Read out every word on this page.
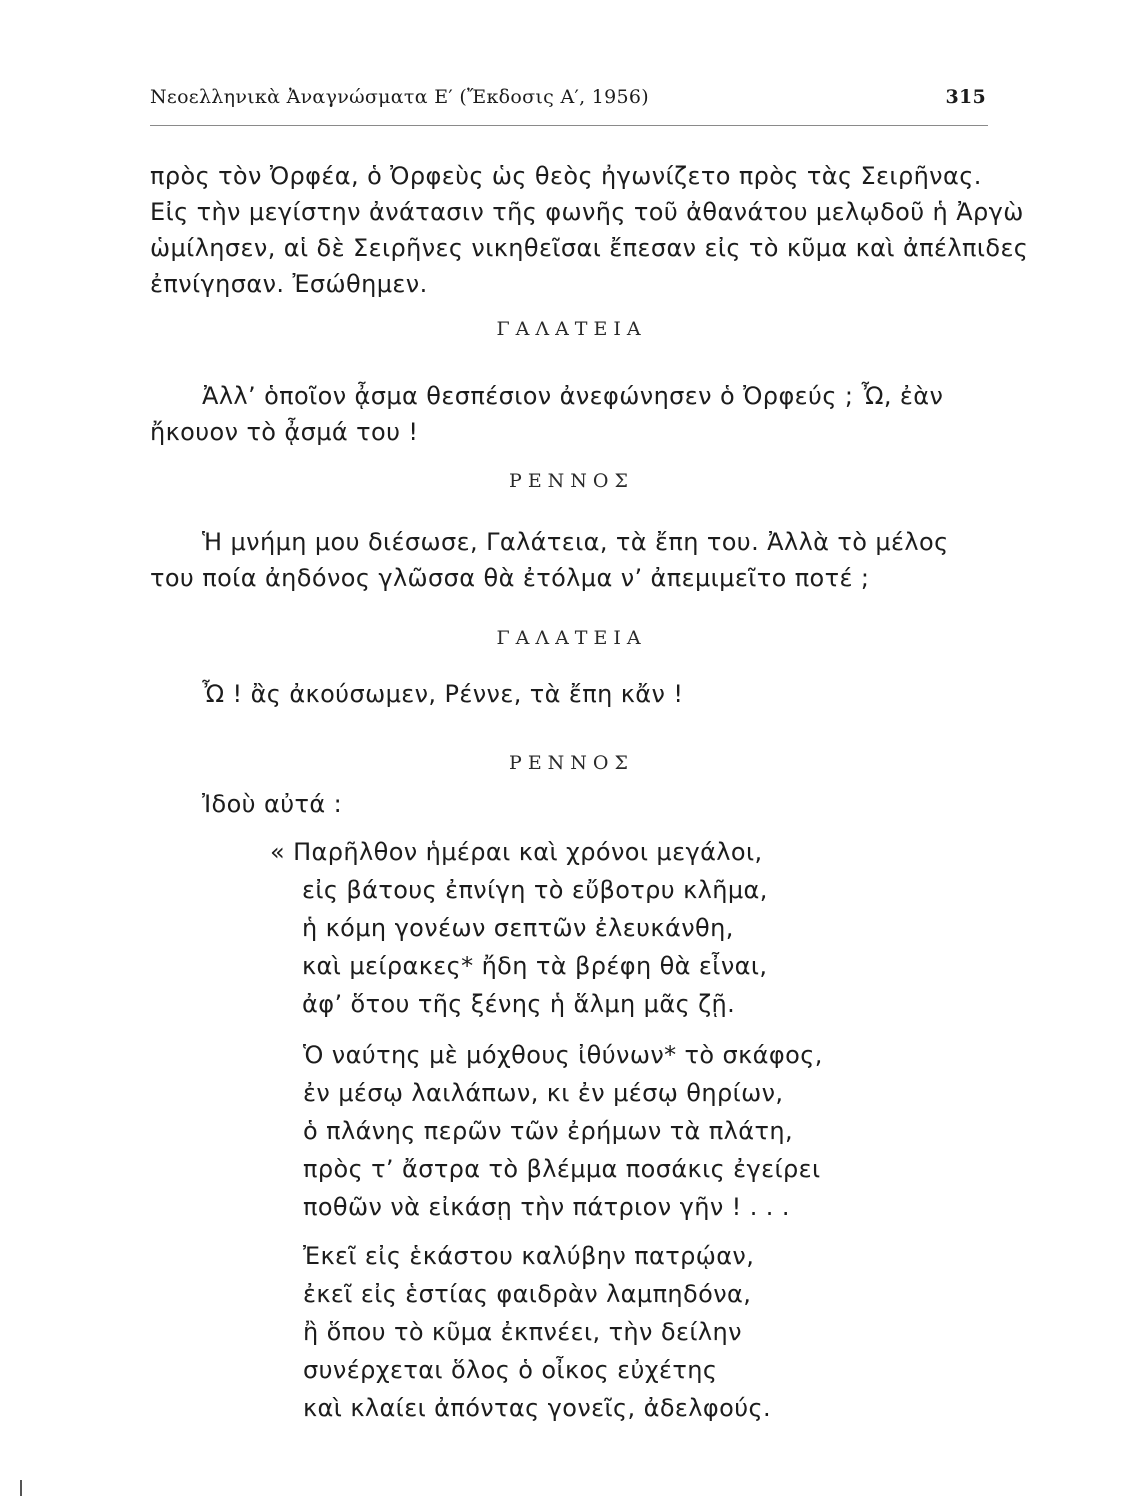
Νεοελληνικὰ Ἀναγνώσματα Ε′ (Ἔκδοσις Α′, 1956)	315
πρὸς τὸν Ὀρφέα, ὁ Ὀρφεὺς ὡς θεὸς ἠγωνίζετο πρὸς τὰς Σειρῆνας.
Εἰς τὴν μεγίστην ἀνάτασιν τῆς φωνῆς τοῦ ἀθανάτου μελῳδοῦ ἡ Ἀργὼ
ὡμίλησεν, αἱ δὲ Σειρῆνες νικηθεῖσαι ἔπεσαν εἰς τὸ κῦμα καὶ ἀπέλπιδες
ἐπνίγησαν. Ἐσώθημεν.
ΓΑΛΑΤΕΙΑ
Ἀλλ’ ὁποῖον ᾆσμα θεσπέσιον ἀνεφώνησεν ὁ Ὀρφεύς ; Ὦ, ἐὰν
ἤκουον τὸ ᾆσμά του !
ΡΕΝΝΟΣ
Ἡ μνήμη μου διέσωσε, Γαλάτεια, τὰ ἔπη του. Ἀλλὰ τὸ μέλος
του ποία ἀηδόνος γλῶσσα θὰ ἐτόλμα ν’ ἀπεμιμεῖτο ποτέ ;
ΓΑΛΑΤΕΙΑ
Ὦ ! ἂς ἀκούσωμεν, Ρέννε, τὰ ἔπη κἄν !
ΡΕΝΝΟΣ
Ἰδοὺ αὐτά :
« Παρῆλθον ἡμέραι καὶ χρόνοι μεγάλοι,
εἰς βάτους ἐπνίγη τὸ εὔβοτρυ κλῆμα,
ἡ κόμη γονέων σεπτῶν ἐλευκάνθη,
καὶ μείρακες* ἤδη τὰ βρέφη θὰ εἶναι,
ἀφ’ ὅτου τῆς ξένης ἡ ἅλμη μᾶς ζῇ.
Ὁ ναύτης μὲ μόχθους ἰθύνων* τὸ σκάφος,
ἐν μέσῳ λαιλάπων, κι ἐν μέσῳ θηρίων,
ὁ πλάνης περῶν τῶν ἐρήμων τὰ πλάτη,
πρὸς τ’ ἄστρα τὸ βλέμμα ποσάκις ἐγείρει
ποθῶν νὰ εἰκάσῃ τὴν πάτριον γῆν ! . . .
Ἐκεῖ εἰς ἑκάστου καλύβην πατρῴαν,
ἐκεῖ εἰς ἑστίας φαιδρὰν λαμπηδόνα,
ἢ ὅπου τὸ κῦμα ἐκπνέει, τὴν δείλην
συνέρχεται ὅλος ὁ οἶκος εὐχέτης
καὶ κλαίει ἀπόντας γονεῖς, ἀδελφούς.
